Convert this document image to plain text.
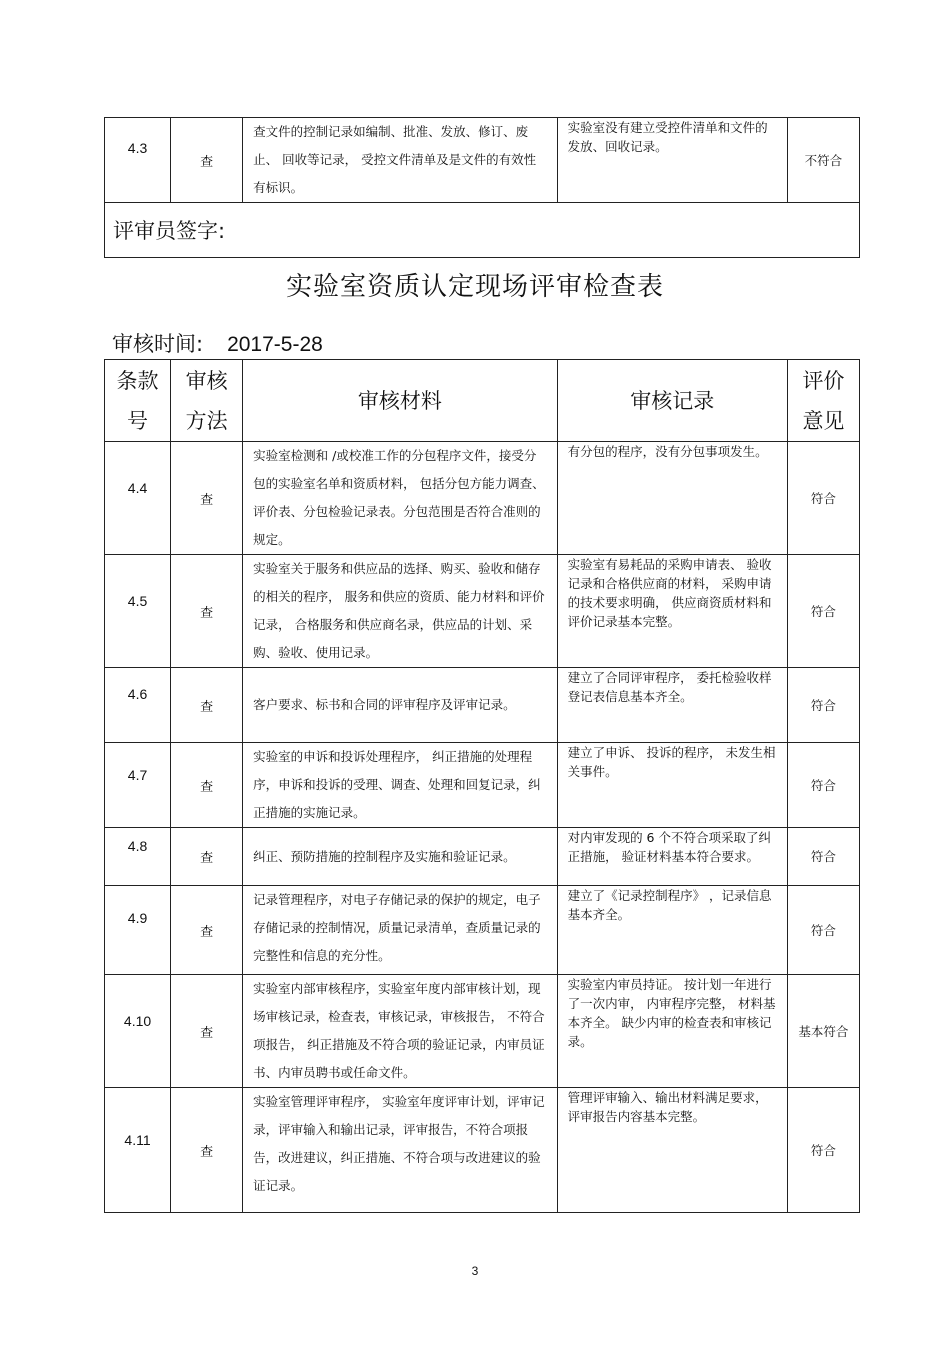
4.3	查	查文件的控制记录如编制、批准、发放、修订、废止、 回收等记录， 受控文件清单及是文件的有效性有标识。	实验室没有建立受控件清单和文件的发放、回收记录。	不符合
评审员签字:
实验室资质认定现场评审检查表
审核时间: 2017-5-28
条款号	审核方法	审核材料	审核记录	评价意见
4.4	查	实验室检测和 /或校准工作的分包程序文件，接受分包的实验室名单和资质材料， 包括分包方能力调查、评价表、分包检验记录表。分包范围是否符合准则的规定。	有分包的程序，没有分包事项发生。	符合
4.5	查	实验室关于服务和供应品的选择、购买、验收和储存的相关的程序， 服务和供应的资质、能力材料和评价记录， 合格服务和供应商名录，供应品的计划、采购、验收、使用记录。	实验室有易耗品的采购申请表、 验收记录和合格供应商的材料， 采购申请的技术要求明确， 供应商资质材料和评价记录基本完整。	符合
4.6	查	客户要求、标书和合同的评审程序及评审记录。	建立了合同评审程序， 委托检验收样登记表信息基本齐全。	符合
4.7	查	实验室的申诉和投诉处理程序， 纠正措施的处理程序，申诉和投诉的受理、调查、处理和回复记录，纠正措施的实施记录。	建立了申诉、 投诉的程序， 未发生相关事件。	符合
4.8	查	纠正、预防措施的控制程序及实施和验证记录。	对内审发现的 6 个不符合项采取了纠正措施， 验证材料基本符合要求。	符合
4.9	查	记录管理程序，对电子存储记录的保护的规定，电子存储记录的控制情况，质量记录清单，查质量记录的完整性和信息的充分性。	建立了《记录控制程序》 ，记录信息基本齐全。	符合
4.10	查	实验室内部审核程序，实验室年度内部审核计划，现场审核记录，检查表，审核记录，审核报告， 不符合项报告， 纠正措施及不符合项的验证记录，内审员证书、内审员聘书或任命文件。	实验室内审员持证。 按计划一年进行了一次内审， 内审程序完整， 材料基本齐全。 缺少内审的检查表和审核记录。	基本符合
4.11	查	实验室管理评审程序， 实验室年度评审计划，评审记录，评审输入和输出记录，评审报告，不符合项报告，改进建议，纠正措施、不符合项与改进建议的验证记录。	管理评审输入、输出材料满足要求，评审报告内容基本完整。	符合
3
